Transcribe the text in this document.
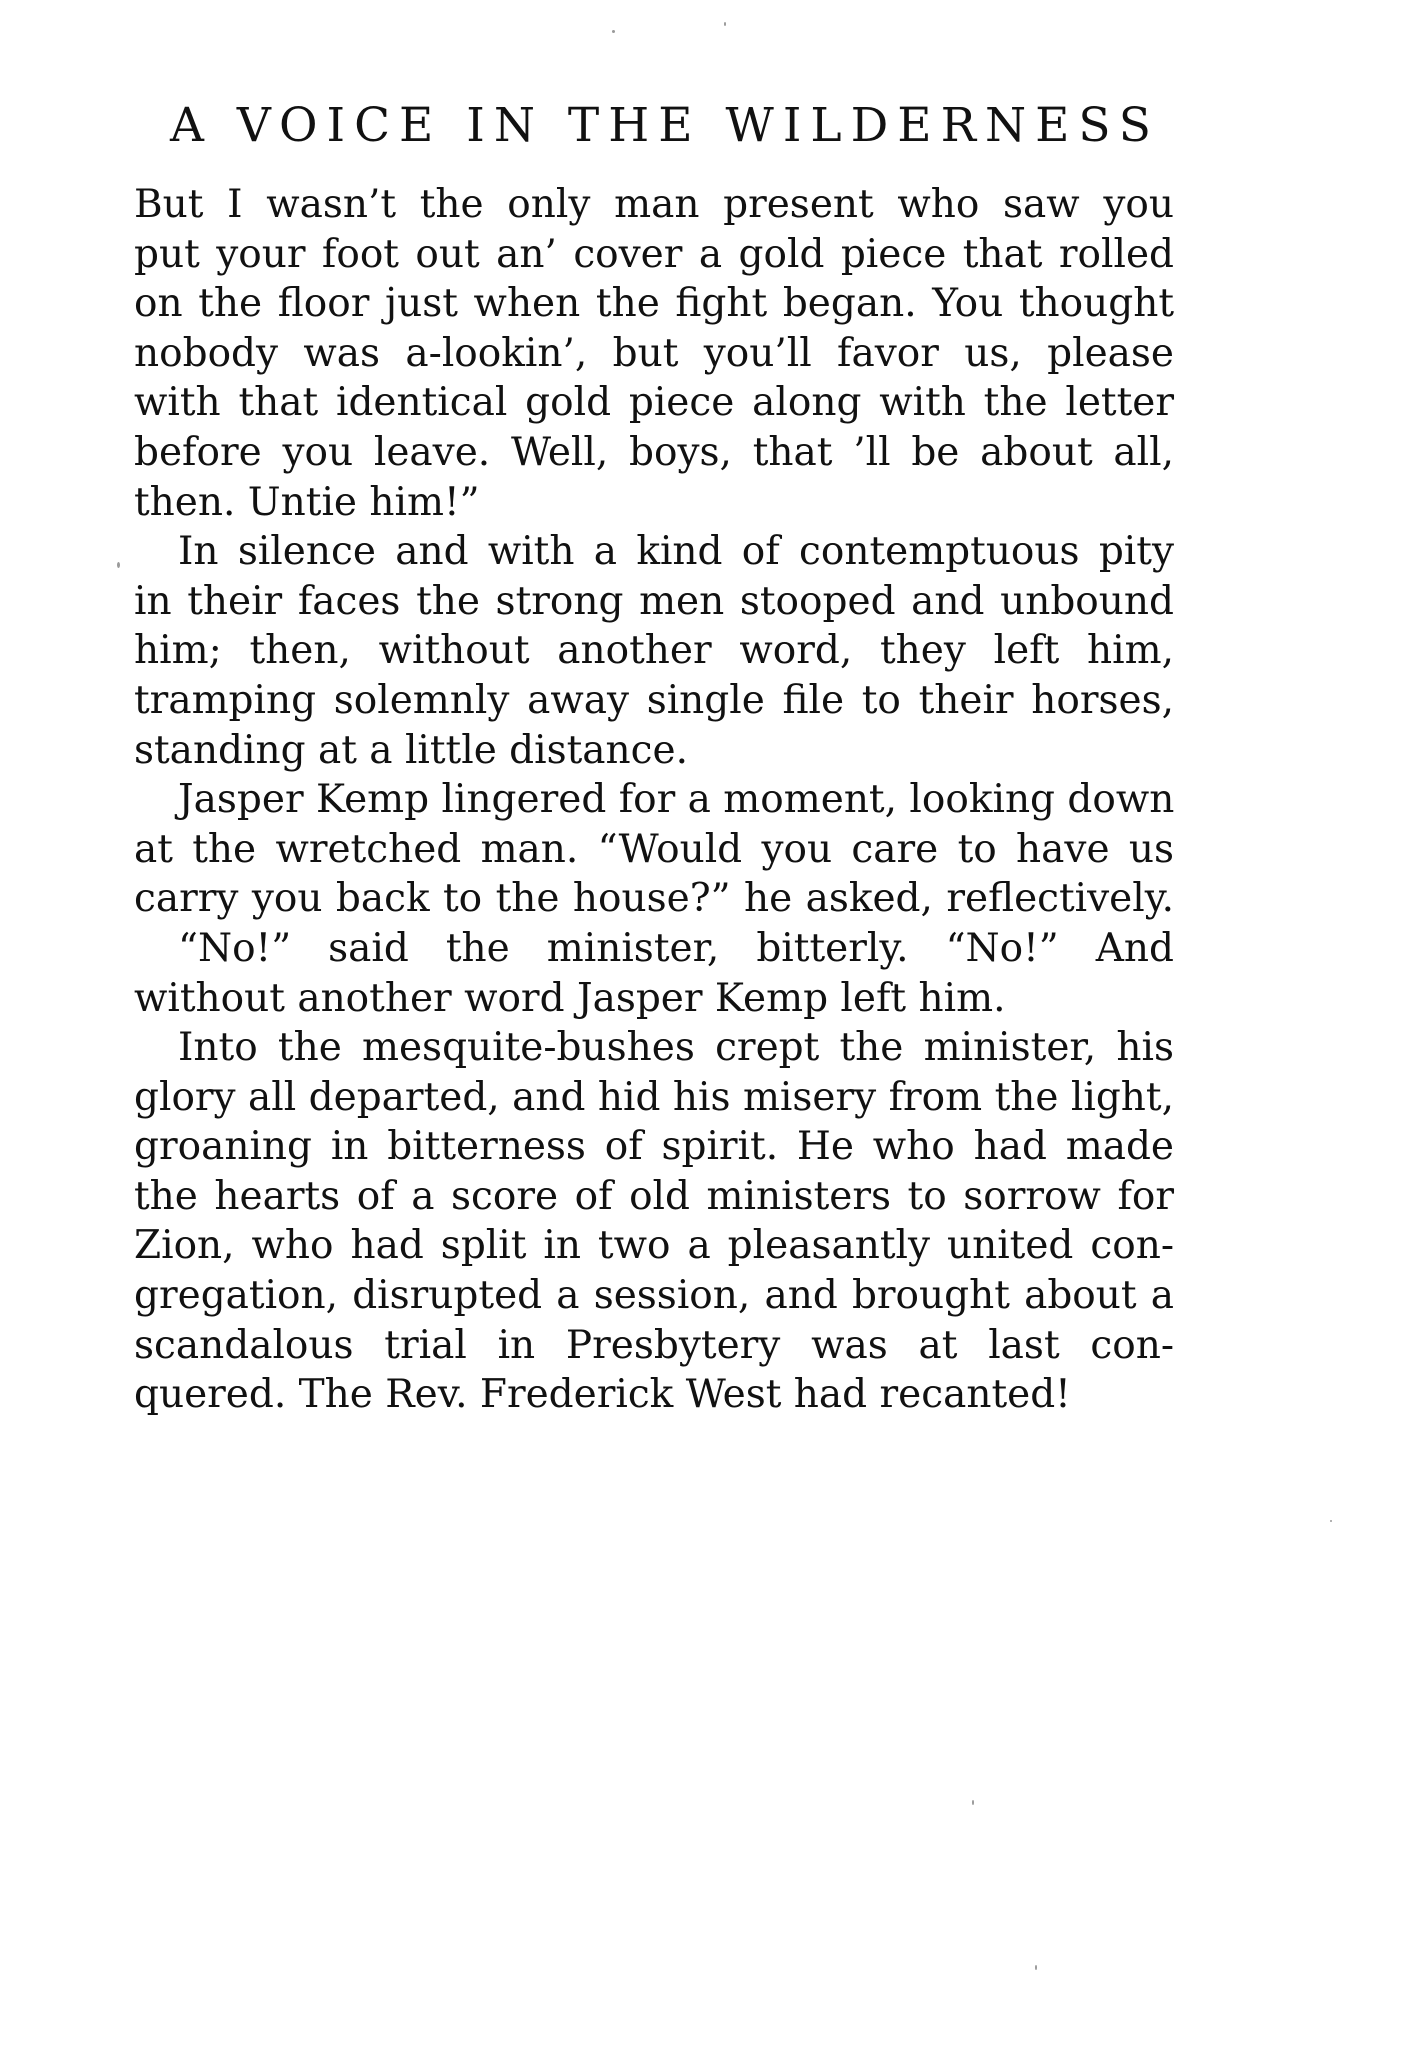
A VOICE IN THE WILDERNESS
But I wasn’t the only man present who saw you
put your foot out an’ cover a gold piece that rolled
on the floor just when the fight began. You thought
nobody was a-lookin’, but you’ll favor us, please
with that identical gold piece along with the letter
before you leave. Well, boys, that ’ll be about all,
then. Untie him!”
In silence and with a kind of contemptuous pity
in their faces the strong men stooped and unbound
him; then, without another word, they left him,
tramping solemnly away single file to their horses,
standing at a little distance.
Jasper Kemp lingered for a moment, looking down
at the wretched man. “Would you care to have us
carry you back to the house?” he asked, reflectively.
“No!” said the minister, bitterly. “No!” And
without another word Jasper Kemp left him.
Into the mesquite-bushes crept the minister, his
glory all departed, and hid his misery from the light,
groaning in bitterness of spirit. He who had made
the hearts of a score of old ministers to sorrow for
Zion, who had split in two a pleasantly united con-
gregation, disrupted a session, and brought about a
scandalous trial in Presbytery was at last con-
quered. The Rev. Frederick West had recanted!
